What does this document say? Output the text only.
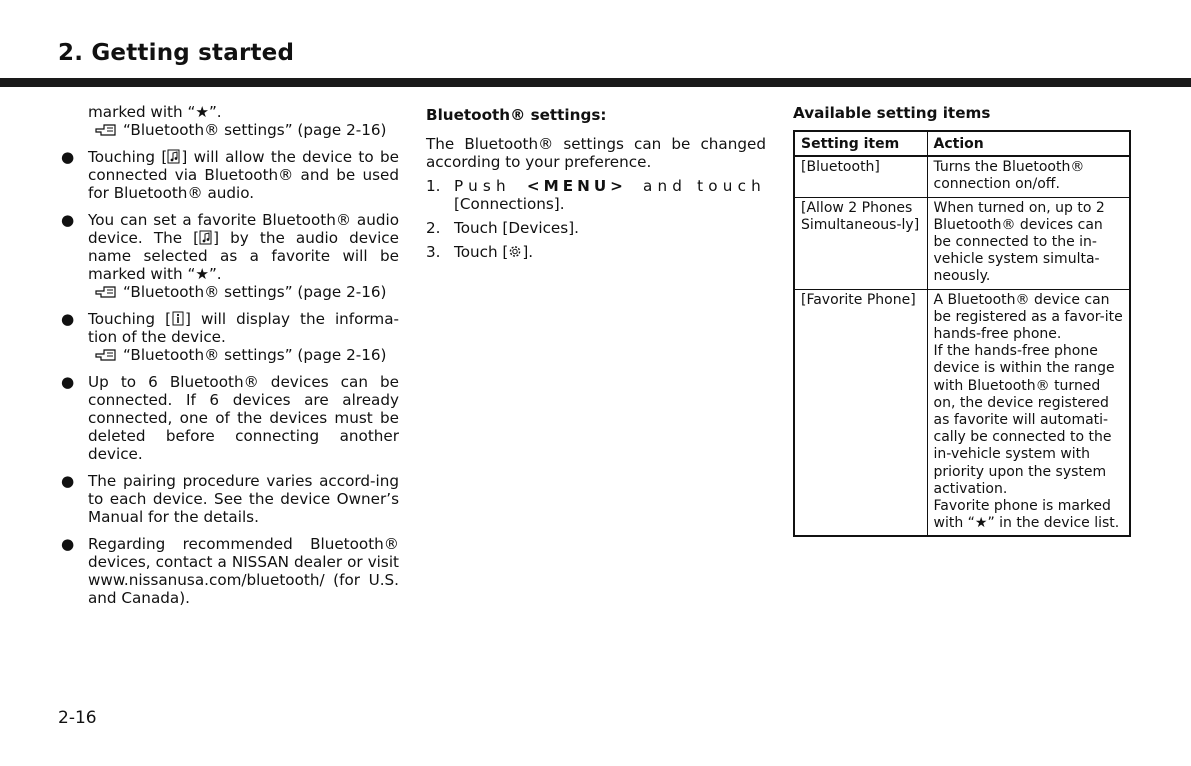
2. Getting started
marked with “★”.
“Bluetooth® settings” (page 2-16)
● Touching [ ] will allow the device to be connected via Bluetooth® and be used for Bluetooth® audio.
● You can set a favorite Bluetooth® audio device. The [ ] by the audio device name selected as a favorite will be marked with “★”.
“Bluetooth® settings” (page 2-16)
● Touching [ ] will display the informa-tion of the device.
“Bluetooth® settings” (page 2-16)
● Up to 6 Bluetooth® devices can be connected. If 6 devices are already connected, one of the devices must be deleted before connecting another device.
● The pairing procedure varies accord-ing to each device. See the device Owner’s Manual for the details.
● Regarding recommended Bluetooth® devices, contact a NISSAN dealer or visit www.nissanusa.com/bluetooth/ (for U.S. and Canada).
Bluetooth® settings:
The Bluetooth® settings can be changed according to your preference.
1. Push <MENU> and touch
[Connections].
2. Touch [Devices].
3. Touch [ ].
Available setting items
Setting item	Action
[Bluetooth]	Turns the Bluetooth® connection on/off.
[Allow 2 Phones Simultaneous-ly]	When turned on, up to 2 Bluetooth® devices can be connected to the in-vehicle system simulta-neously.
[Favorite Phone]	A Bluetooth® device can be registered as a favor-ite hands-free phone.
If the hands-free phone device is within the range with Bluetooth® turned on, the device registered as favorite will automati-cally be connected to the in-vehicle system with priority upon the system activation.
Favorite phone is marked with “★” in the device list.
2-16
